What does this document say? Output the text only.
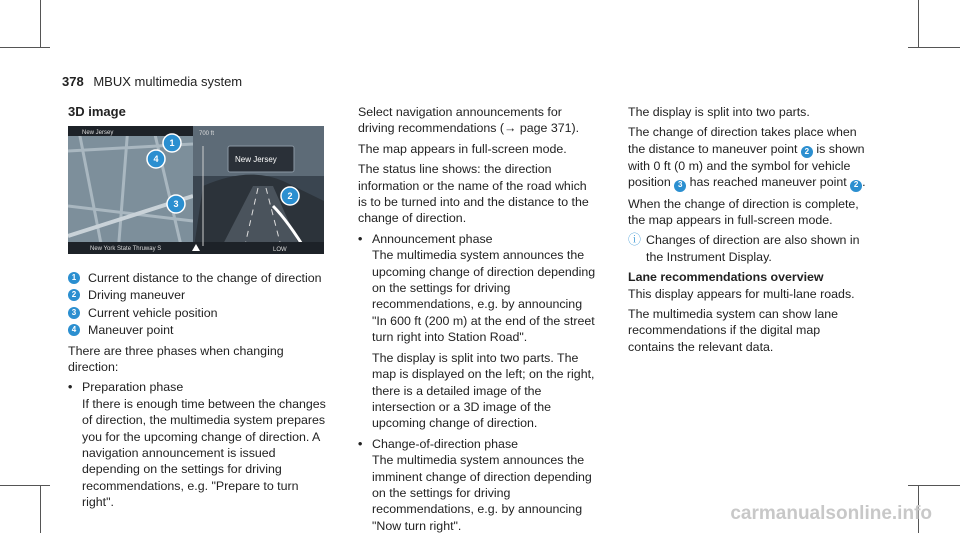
378 MBUX multimedia system
3D image
New Jersey	700 ft
New Jersey
New York State Thruway S	LOW
1
4
3
2
1 Current distance to the change of direction
2 Driving maneuver
3 Current vehicle position
4 Maneuver point

There are three phases when changing direction:

• Preparation phase

If there is enough time between the changes of direction, the multimedia system prepares you for the upcoming change of direction. A navigation announcement is issued depending on the settings for driving recommendations, e.g. "Prepare to turn right".

Select navigation announcements for driving recommendations (→ page 371).

The map appears in full-screen mode.

The status line shows: the direction information or the name of the road which is to be turned into and the distance to the change of direction.

• Announcement phase

The multimedia system announces the upcoming change of direction depending on the settings for driving recommendations, e.g. by announcing "In 600 ft (200 m) at the end of the street turn right into Station Road".

The display is split into two parts. The map is displayed on the left; on the right, there is a detailed image of the intersection or a 3D image of the upcoming change of direction.

• Change-of-direction phase

The multimedia system announces the imminent change of direction depending on the settings for driving recommendations, e.g. by announcing "Now turn right".

The display is split into two parts.

The change of direction takes place when the distance to maneuver point 2 is shown with 0 ft (0 m) and the symbol for vehicle position 3 has reached maneuver point 2 .

When the change of direction is complete, the map appears in full-screen mode.

ⓘ Changes of direction are also shown in the Instrument Display.
Lane recommendations overview

This display appears for multi-lane roads.

The multimedia system can show lane recommendations if the digital map contains the relevant data.

carmanualsonline.info
